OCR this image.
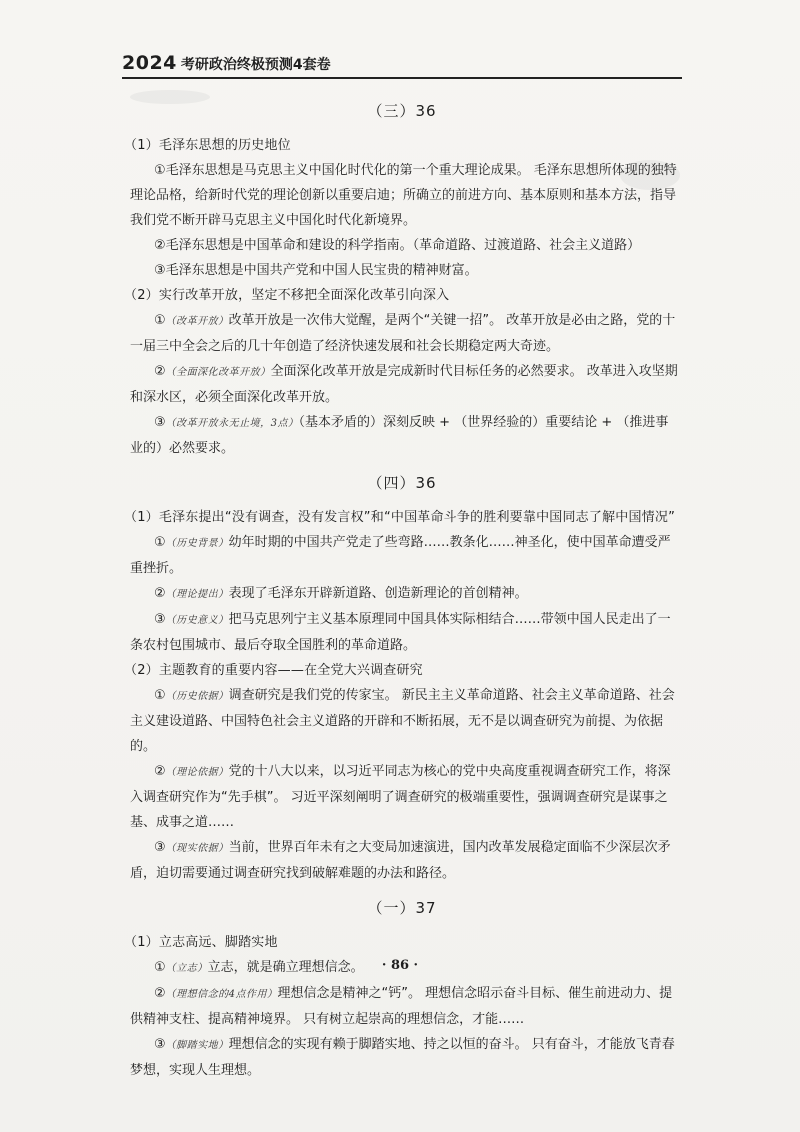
2024 考研政治终极预测4套卷
（三）36

（1）毛泽东思想的历史地位

①毛泽东思想是马克思主义中国化时代化的第一个重大理论成果。 毛泽东思想所体现的独特理论品格，给新时代党的理论创新以重要启迪；所确立的前进方向、基本原则和基本方法，指导我们党不断开辟马克思主义中国化时代化新境界。

②毛泽东思想是中国革命和建设的科学指南。（革命道路、过渡道路、社会主义道路）

③毛泽东思想是中国共产党和中国人民宝贵的精神财富。

（2）实行改革开放，坚定不移把全面深化改革引向深入

①（改革开放）改革开放是一次伟大觉醒，是两个“关键一招”。 改革开放是必由之路，党的十一届三中全会之后的几十年创造了经济快速发展和社会长期稳定两大奇迹。

②（全面深化改革开放）全面深化改革开放是完成新时代目标任务的必然要求。 改革进入攻坚期和深水区，必须全面深化改革开放。

③（改革开放永无止境，3点）（基本矛盾的）深刻反映 + （世界经验的）重要结论 + （推进事业的）必然要求。

（四）36

（1）毛泽东提出“没有调查，没有发言权”和“中国革命斗争的胜利要靠中国同志了解中国情况”

①（历史背景）幼年时期的中国共产党走了些弯路……教条化……神圣化，使中国革命遭受严重挫折。

②（理论提出）表现了毛泽东开辟新道路、创造新理论的首创精神。

③（历史意义）把马克思列宁主义基本原理同中国具体实际相结合……带领中国人民走出了一条农村包围城市、最后夺取全国胜利的革命道路。

（2）主题教育的重要内容——在全党大兴调查研究

①（历史依据）调查研究是我们党的传家宝。 新民主主义革命道路、社会主义革命道路、社会主义建设道路、中国特色社会主义道路的开辟和不断拓展，无不是以调查研究为前提、为依据的。

②（理论依据）党的十八大以来，以习近平同志为核心的党中央高度重视调查研究工作，将深入调查研究作为“先手棋”。 习近平深刻阐明了调查研究的极端重要性，强调调查研究是谋事之基、成事之道……

③（现实依据）当前，世界百年未有之大变局加速演进，国内改革发展稳定面临不少深层次矛盾，迫切需要通过调查研究找到破解难题的办法和路径。

（一）37

（1）立志高远、脚踏实地

①（立志）立志，就是确立理想信念。

②（理想信念的4点作用）理想信念是精神之“钙”。 理想信念昭示奋斗目标、催生前进动力、提供精神支柱、提高精神境界。 只有树立起崇高的理想信念，才能……

③（脚踏实地）理想信念的实现有赖于脚踏实地、持之以恒的奋斗。 只有奋斗，才能放飞青春梦想，实现人生理想。

· 86 ·
